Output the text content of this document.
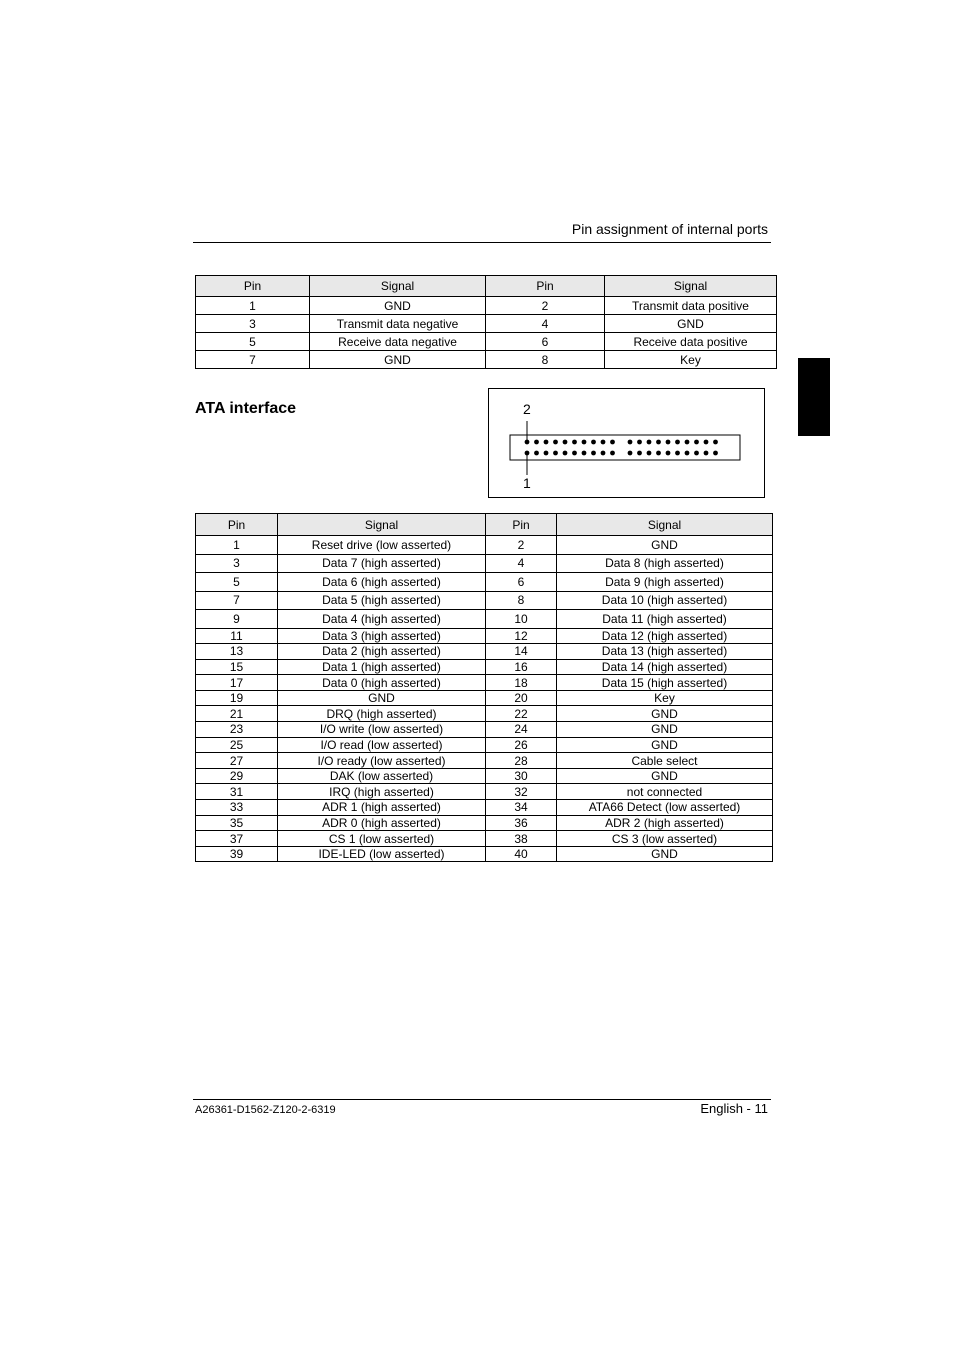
Pin assignment of internal ports
Pin	Signal	Pin	Signal
1	GND	2	Transmit data positive
3	Transmit data negative	4	GND
5	Receive data negative	6	Receive data positive
7	GND	8	Key
ATA interface	2
1
Pin	Signal	Pin	Signal
1	Reset drive (low asserted)	2	GND
3	Data 7 (high asserted)	4	Data 8 (high asserted)
5	Data 6 (high asserted)	6	Data 9 (high asserted)
7	Data 5 (high asserted)	8	Data 10 (high asserted)
9	Data 4 (high asserted)	10	Data 11 (high asserted)
11	Data 3 (high asserted)	12	Data 12 (high asserted)
13	Data 2 (high asserted)	14	Data 13 (high asserted)
15	Data 1 (high asserted)	16	Data 14 (high asserted)
17	Data 0 (high asserted)	18	Data 15 (high asserted)
19	GND	20	Key
21	DRQ (high asserted)	22	GND
23	I/O write (low asserted)	24	GND
25	I/O read (low asserted)	26	GND
27	I/O ready (low asserted)	28	Cable select
29	DAK (low asserted)	30	GND
31	IRQ (high asserted)	32	not connected
33	ADR 1 (high asserted)	34	ATA66 Detect (low asserted)
35	ADR 0 (high asserted)	36	ADR 2 (high asserted)
37	CS 1 (low asserted)	38	CS 3 (low asserted)
39	IDE-LED (low asserted)	40	GND
A26361-D1562-Z120-2-6319	English - 11
